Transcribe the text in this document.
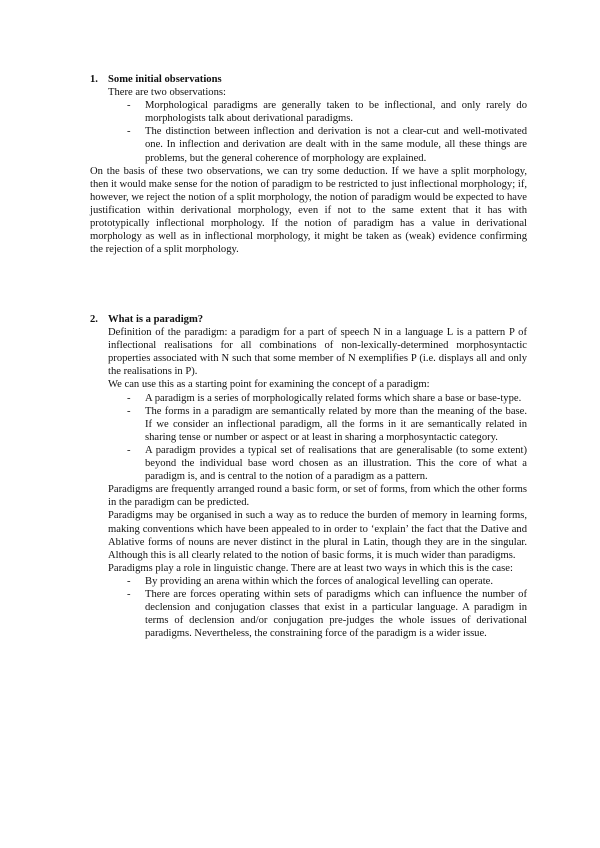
1. Some initial observations

There are two observations:

- Morphological paradigms are generally taken to be inflectional, and only rarely do morphologists talk about derivational paradigms.
- The distinction between inflection and derivation is not a clear-cut and well-motivated one. In inflection and derivation are dealt with in the same module, all these things are problems, but the general coherence of morphology are explained.

On the basis of these two observations, we can try some deduction. If we have a split morphology, then it would make sense for the notion of paradigm to be restricted to just inflectional morphology; if, however, we reject the notion of a split morphology, the notion of paradigm would be expected to have justification within derivational morphology, even if not to the same extent that it has with prototypically inflectional morphology. If the notion of paradigm has a value in derivational morphology as well as in inflectional morphology, it might be taken as (weak) evidence confirming the rejection of a split morphology.

2. What is a paradigm?

Definition of the paradigm: a paradigm for a part of speech N in a language L is a pattern P of inflectional realisations for all combinations of non-lexically-determined morphosyntactic properties associated with N such that some member of N exemplifies P (i.e. displays all and only the realisations in P).

We can use this as a starting point for examining the concept of a paradigm:

- A paradigm is a series of morphologically related forms which share a base or base-type.
- The forms in a paradigm are semantically related by more than the meaning of the base. If we consider an inflectional paradigm, all the forms in it are semantically related in sharing tense or number or aspect or at least in sharing a morphosyntactic category.
- A paradigm provides a typical set of realisations that are generalisable (to some extent) beyond the individual base word chosen as an illustration. This the core of what a paradigm is, and is central to the notion of a paradigm as a pattern.

Paradigms are frequently arranged round a basic form, or set of forms, from which the other forms in the paradigm can be predicted.

Paradigms may be organised in such a way as to reduce the burden of memory in learning forms, making conventions which have been appealed to in order to ‘explain’ the fact that the Dative and Ablative forms of nouns are never distinct in the plural in Latin, though they are in the singular. Although this is all clearly related to the notion of basic forms, it is much wider than paradigms.

Paradigms play a role in linguistic change. There are at least two ways in which this is the case:

- By providing an arena within which the forces of analogical levelling can operate.
- There are forces operating within sets of paradigms which can influence the number of declension and conjugation classes that exist in a particular language. A paradigm in terms of declension and/or conjugation pre-judges the whole issues of derivational paradigms. Nevertheless, the constraining force of the paradigm is a wider issue.
